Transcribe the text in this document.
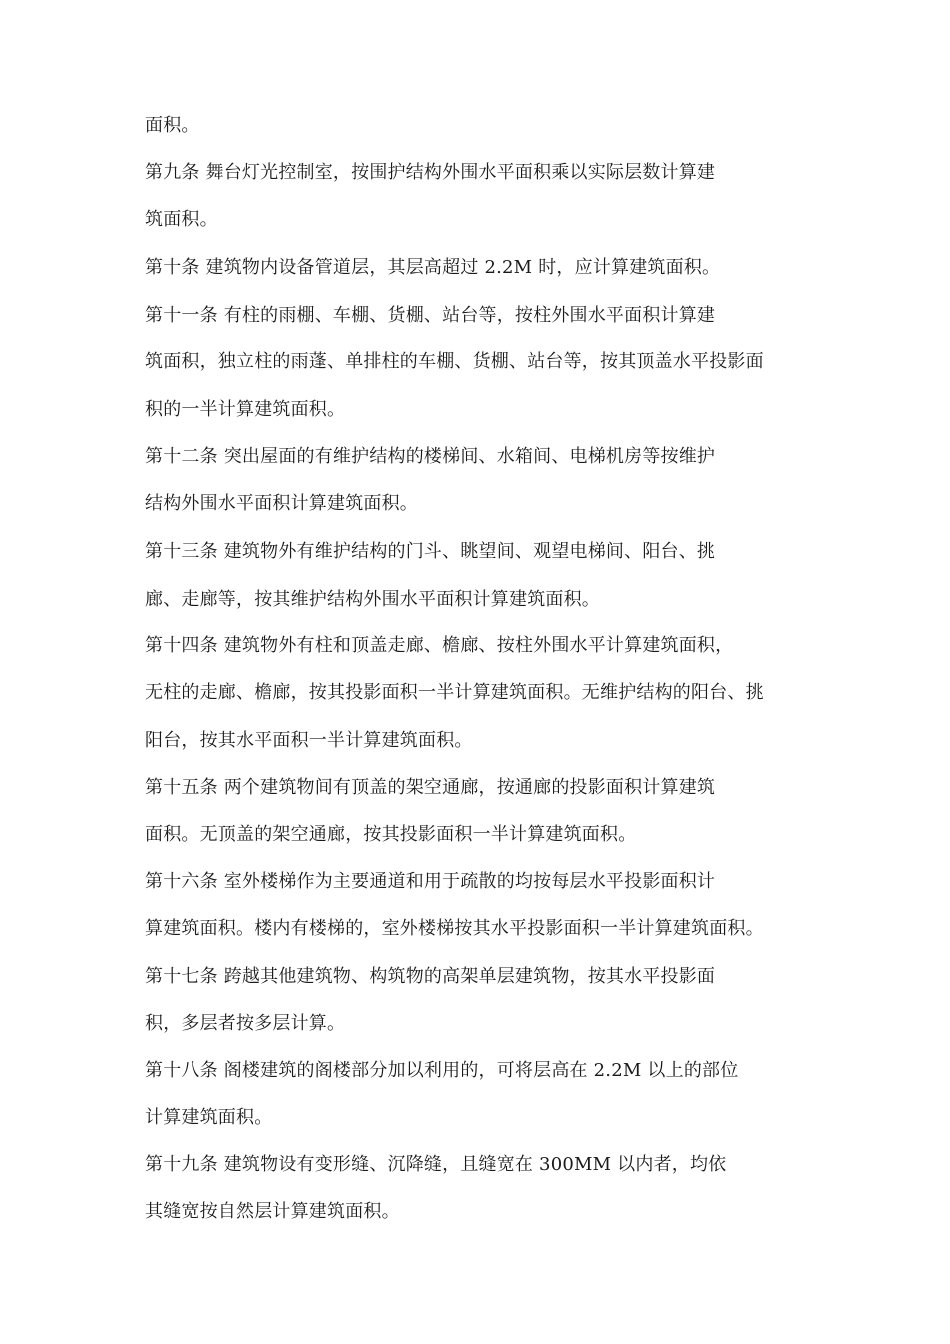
面积。
第九条 舞台灯光控制室，按围护结构外围水平面积乘以实际层数计算建
筑面积。
第十条 建筑物内设备管道层，其层高超过 2.2M 时，应计算建筑面积。
第十一条 有柱的雨棚、车棚、货棚、站台等，按柱外围水平面积计算建
筑面积，独立柱的雨蓬、单排柱的车棚、货棚、站台等，按其顶盖水平投影面
积的一半计算建筑面积。
第十二条 突出屋面的有维护结构的楼梯间、水箱间、电梯机房等按维护
结构外围水平面积计算建筑面积。
第十三条 建筑物外有维护结构的门斗、眺望间、观望电梯间、阳台、挑
廊、走廊等，按其维护结构外围水平面积计算建筑面积。
第十四条 建筑物外有柱和顶盖走廊、檐廊、按柱外围水平计算建筑面积，
无柱的走廊、檐廊，按其投影面积一半计算建筑面积。无维护结构的阳台、挑
阳台，按其水平面积一半计算建筑面积。
第十五条 两个建筑物间有顶盖的架空通廊，按通廊的投影面积计算建筑
面积。无顶盖的架空通廊，按其投影面积一半计算建筑面积。
第十六条 室外楼梯作为主要通道和用于疏散的均按每层水平投影面积计
算建筑面积。楼内有楼梯的，室外楼梯按其水平投影面积一半计算建筑面积。
第十七条 跨越其他建筑物、构筑物的高架单层建筑物，按其水平投影面
积，多层者按多层计算。
第十八条 阁楼建筑的阁楼部分加以利用的，可将层高在 2.2M 以上的部位
计算建筑面积。
第十九条 建筑物设有变形缝、沉降缝，且缝宽在 300MM 以内者，均依
其缝宽按自然层计算建筑面积。
